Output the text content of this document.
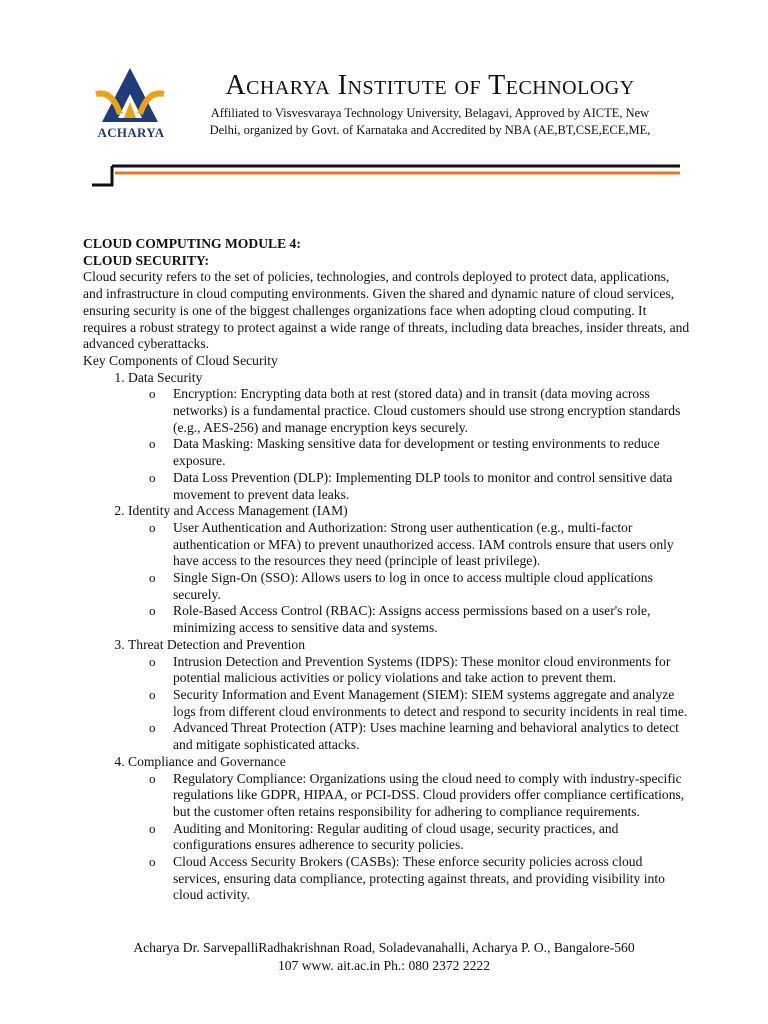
ACHARYA
Acharya Institute of Technology
Affiliated to Visvesvaraya Technology University, Belagavi, Approved by AICTE, New
Delhi, organized by Govt. of Karnataka and Accredited by NBA (AE,BT,CSE,ECE,ME,

CLOUD COMPUTING MODULE 4:

CLOUD SECURITY:

Cloud security refers to the set of policies, technologies, and controls deployed to protect data, applications, and infrastructure in cloud computing environments. Given the shared and dynamic nature of cloud services, ensuring security is one of the biggest challenges organizations face when adopting cloud computing. It requires a robust strategy to protect against a wide range of threats, including data breaches, insider threats, and advanced cyberattacks.

Key Components of Cloud Security

1. Data Security
o Encryption: Encrypting data both at rest (stored data) and in transit (data moving across networks) is a fundamental practice. Cloud customers should use strong encryption standards (e.g., AES-256) and manage encryption keys securely.
o Data Masking: Masking sensitive data for development or testing environments to reduce exposure.
o Data Loss Prevention (DLP): Implementing DLP tools to monitor and control sensitive data movement to prevent data leaks.
2. Identity and Access Management (IAM)
o User Authentication and Authorization: Strong user authentication (e.g., multi-factor authentication or MFA) to prevent unauthorized access. IAM controls ensure that users only have access to the resources they need (principle of least privilege).
o Single Sign-On (SSO): Allows users to log in once to access multiple cloud applications securely.
o Role-Based Access Control (RBAC): Assigns access permissions based on a user's role, minimizing access to sensitive data and systems.
3. Threat Detection and Prevention
o Intrusion Detection and Prevention Systems (IDPS): These monitor cloud environments for potential malicious activities or policy violations and take action to prevent them.
o Security Information and Event Management (SIEM): SIEM systems aggregate and analyze logs from different cloud environments to detect and respond to security incidents in real time.
o Advanced Threat Protection (ATP): Uses machine learning and behavioral analytics to detect and mitigate sophisticated attacks.
4. Compliance and Governance
o Regulatory Compliance: Organizations using the cloud need to comply with industry-specific regulations like GDPR, HIPAA, or PCI-DSS. Cloud providers offer compliance certifications, but the customer often retains responsibility for adhering to compliance requirements.
o Auditing and Monitoring: Regular auditing of cloud usage, security practices, and configurations ensures adherence to security policies.
o Cloud Access Security Brokers (CASBs): These enforce security policies across cloud services, ensuring data compliance, protecting against threats, and providing visibility into cloud activity.
Acharya Dr. SarvepalliRadhakrishnan Road, Soladevanahalli, Acharya P. O., Bangalore-560
107 www. ait.ac.in Ph.: 080 2372 2222
